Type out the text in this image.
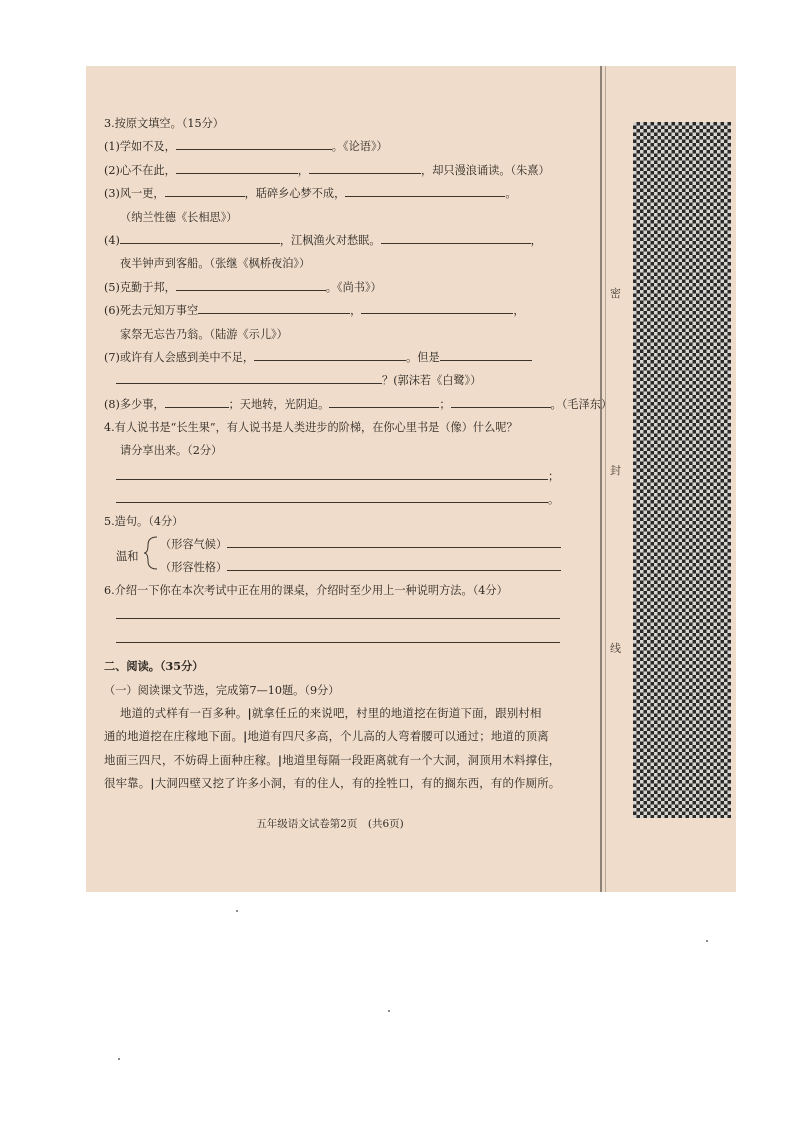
密
封
线
3.按原文填空。（15分）
(1)学如不及，	。《论语》）
(2)心不在此，	，	，却只漫浪诵读。（朱熹）
(3)风一更，	，聒碎乡心梦不成，	。
（纳兰性德《长相思》）
(4)	，江枫渔火对愁眠。	，
夜半钟声到客船。（张继《枫桥夜泊》）
(5)克勤于邦，	。《尚书》）
(6)死去元知万事空	，	，
家祭无忘告乃翁。（陆游《示儿》）
(7)或许有人会感到美中不足，	。但是
？(郭沫若《白鹭》）
(8)多少事，	；天地转，光阴迫。	；	。（毛泽东）
4.有人说书是“长生果”，有人说书是人类进步的阶梯，在你心里书是（像）什么呢？
请分享出来。（2分）
；
。
5.造句。（4分）
温和
（形容气候）
（形容性格）
6.介绍一下你在本次考试中正在用的课桌，介绍时至少用上一种说明方法。（4分）
二、阅读。（35分）
（一）阅读课文节选，完成第7—10题。（9分）
地道的式样有一百多种。|就拿任丘的来说吧，村里的地道挖在街道下面，跟别村相
通的地道挖在庄稼地下面。|地道有四尺多高，个儿高的人弯着腰可以通过；地道的顶离
地面三四尺，不妨碍上面种庄稼。|地道里每隔一段距离就有一个大洞，洞顶用木料撑住，
很牢靠。|大洞四壁又挖了许多小洞，有的住人，有的拴牲口，有的搁东西，有的作厕所。
五年级语文试卷第2页　(共6页)
